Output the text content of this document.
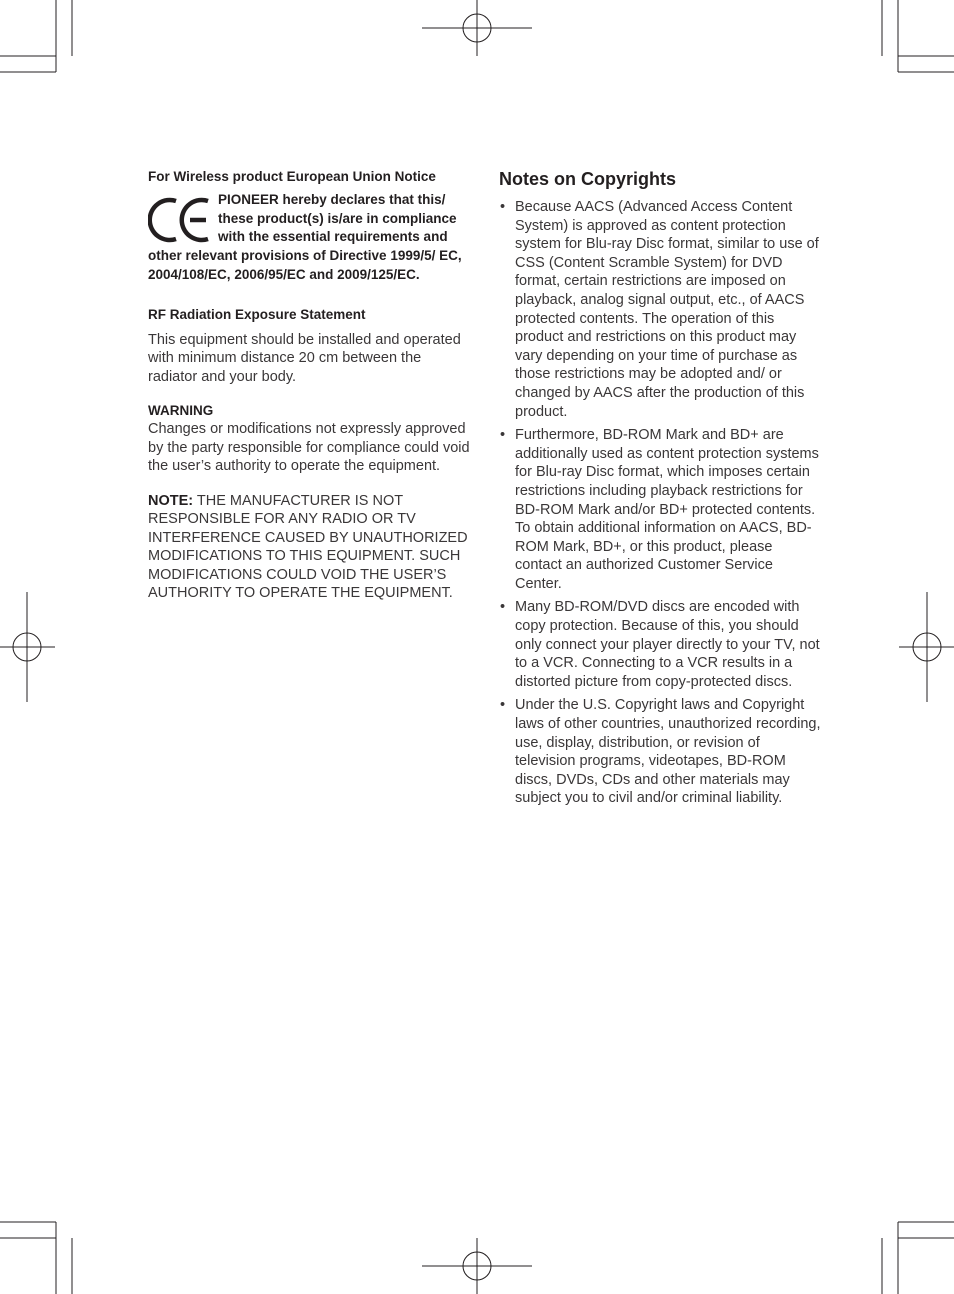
For Wireless product European Union Notice

PIONEER hereby declares that this/ these product(s) is/are in compliance with the essential requirements and other relevant provisions of Directive 1999/5/ EC, 2004/108/EC, 2006/95/EC and 2009/125/EC.

RF Radiation Exposure Statement

This equipment should be installed and operated with minimum distance 20 cm between the radiator and your body.

WARNING

Changes or modifications not expressly approved by the party responsible for compliance could void the user’s authority to operate the equipment.

NOTE: THE MANUFACTURER IS NOT RESPONSIBLE FOR ANY RADIO OR TV INTERFERENCE CAUSED BY UNAUTHORIZED MODIFICATIONS TO THIS EQUIPMENT. SUCH MODIFICATIONS COULD VOID THE USER’S AUTHORITY TO OPERATE THE EQUIPMENT.

Notes on Copyrights
• Because AACS (Advanced Access Content System) is approved as content protection system for Blu-ray Disc format, similar to use of CSS (Content Scramble System) for DVD format, certain restrictions are imposed on playback, analog signal output, etc., of AACS protected contents. The operation of this product and restrictions on this product may vary depending on your time of purchase as those restrictions may be adopted and/ or changed by AACS after the production of this product.
• Furthermore, BD-ROM Mark and BD+ are additionally used as content protection systems for Blu-ray Disc format, which imposes certain restrictions including playback restrictions for BD-ROM Mark and/or BD+ protected contents. To obtain additional information on AACS, BD-ROM Mark, BD+, or this product, please contact an authorized Customer Service Center.
• Many BD-ROM/DVD discs are encoded with copy protection. Because of this, you should only connect your player directly to your TV, not to a VCR. Connecting to a VCR results in a distorted picture from copy-protected discs.
• Under the U.S. Copyright laws and Copyright laws of other countries, unauthorized recording, use, display, distribution, or revision of television programs, videotapes, BD-ROM discs, DVDs, CDs and other materials may subject you to civil and/or criminal liability.
